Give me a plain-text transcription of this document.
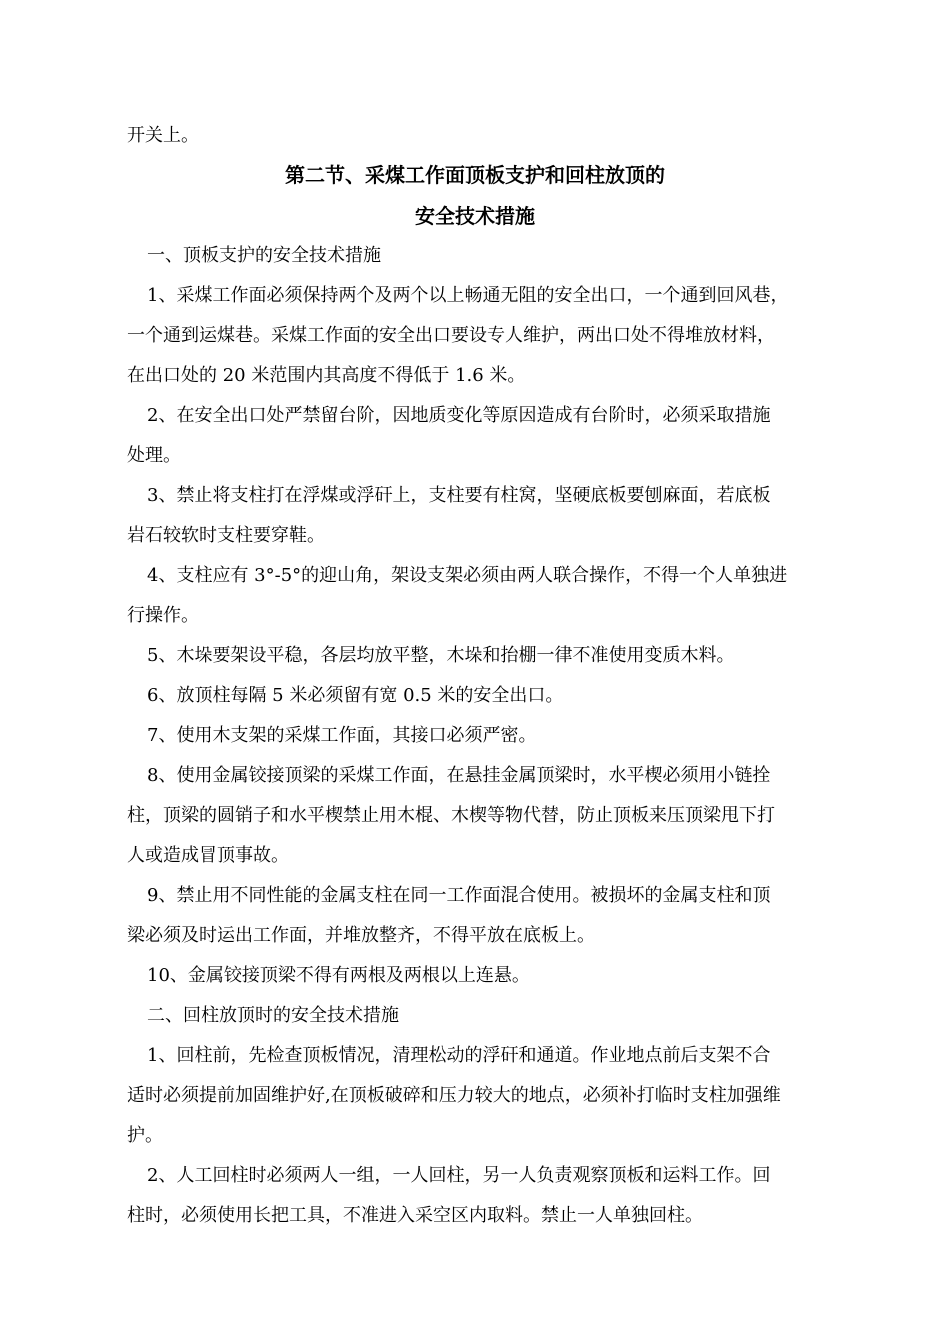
开关上。
第二节、采煤工作面顶板支护和回柱放顶的
安全技术措施
一、顶板支护的安全技术措施
1、采煤工作面必须保持两个及两个以上畅通无阻的安全出口，一个通到回风巷，
一个通到运煤巷。采煤工作面的安全出口要设专人维护，两出口处不得堆放材料，
在出口处的 20 米范围内其高度不得低于 1.6 米。
2、在安全出口处严禁留台阶，因地质变化等原因造成有台阶时，必须采取措施
处理。
3、禁止将支柱打在浮煤或浮矸上，支柱要有柱窝，坚硬底板要刨麻面，若底板
岩石较软时支柱要穿鞋。
4、支柱应有 3°-5°的迎山角，架设支架必须由两人联合操作，不得一个人单独进
行操作。
5、木垛要架设平稳，各层均放平整，木垛和抬棚一律不准使用变质木料。
6、放顶柱每隔 5 米必须留有宽 0.5 米的安全出口。
7、使用木支架的采煤工作面，其接口必须严密。
8、使用金属铰接顶梁的采煤工作面，在悬挂金属顶梁时，水平楔必须用小链拴
柱，顶梁的圆销子和水平楔禁止用木棍、木楔等物代替，防止顶板来压顶梁甩下打
人或造成冒顶事故。
9、禁止用不同性能的金属支柱在同一工作面混合使用。被损坏的金属支柱和顶
梁必须及时运出工作面，并堆放整齐，不得平放在底板上。
10、金属铰接顶梁不得有两根及两根以上连悬。
二、回柱放顶时的安全技术措施
1、回柱前，先检查顶板情况，清理松动的浮矸和通道。作业地点前后支架不合
适时必须提前加固维护好,在顶板破碎和压力较大的地点，必须补打临时支柱加强维
护。
2、人工回柱时必须两人一组，一人回柱，另一人负责观察顶板和运料工作。回
柱时，必须使用长把工具，不准进入采空区内取料。禁止一人单独回柱。
